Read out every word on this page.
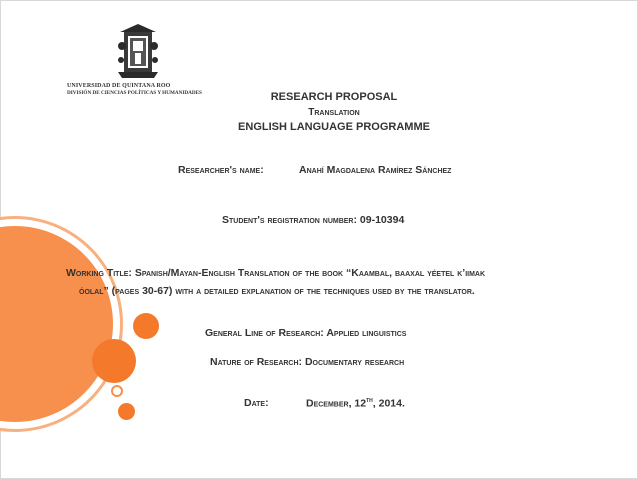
UNIVERSIDAD DE QUINTANA ROO
DIVISIÓN DE CIENCIAS POLÍTICAS Y HUMANIDADES	RESEARCH PROPOSAL
Translation
ENGLISH LANGUAGE PROGRAMME
Researcher's name:	Anahí Magdalena Ramírez Sánchez
Student's registration number: 09-10394
Working Title: Spanish/Mayan-English Translation of the book “Kaambal, baaxal yéetel k’iimak
óolal” (pages 30-67) with a detailed explanation of the techniques used by the translator.
General Line of Research: Applied linguistics
Nature of Research: Documentary research
Date:	December, 12th, 2014.
